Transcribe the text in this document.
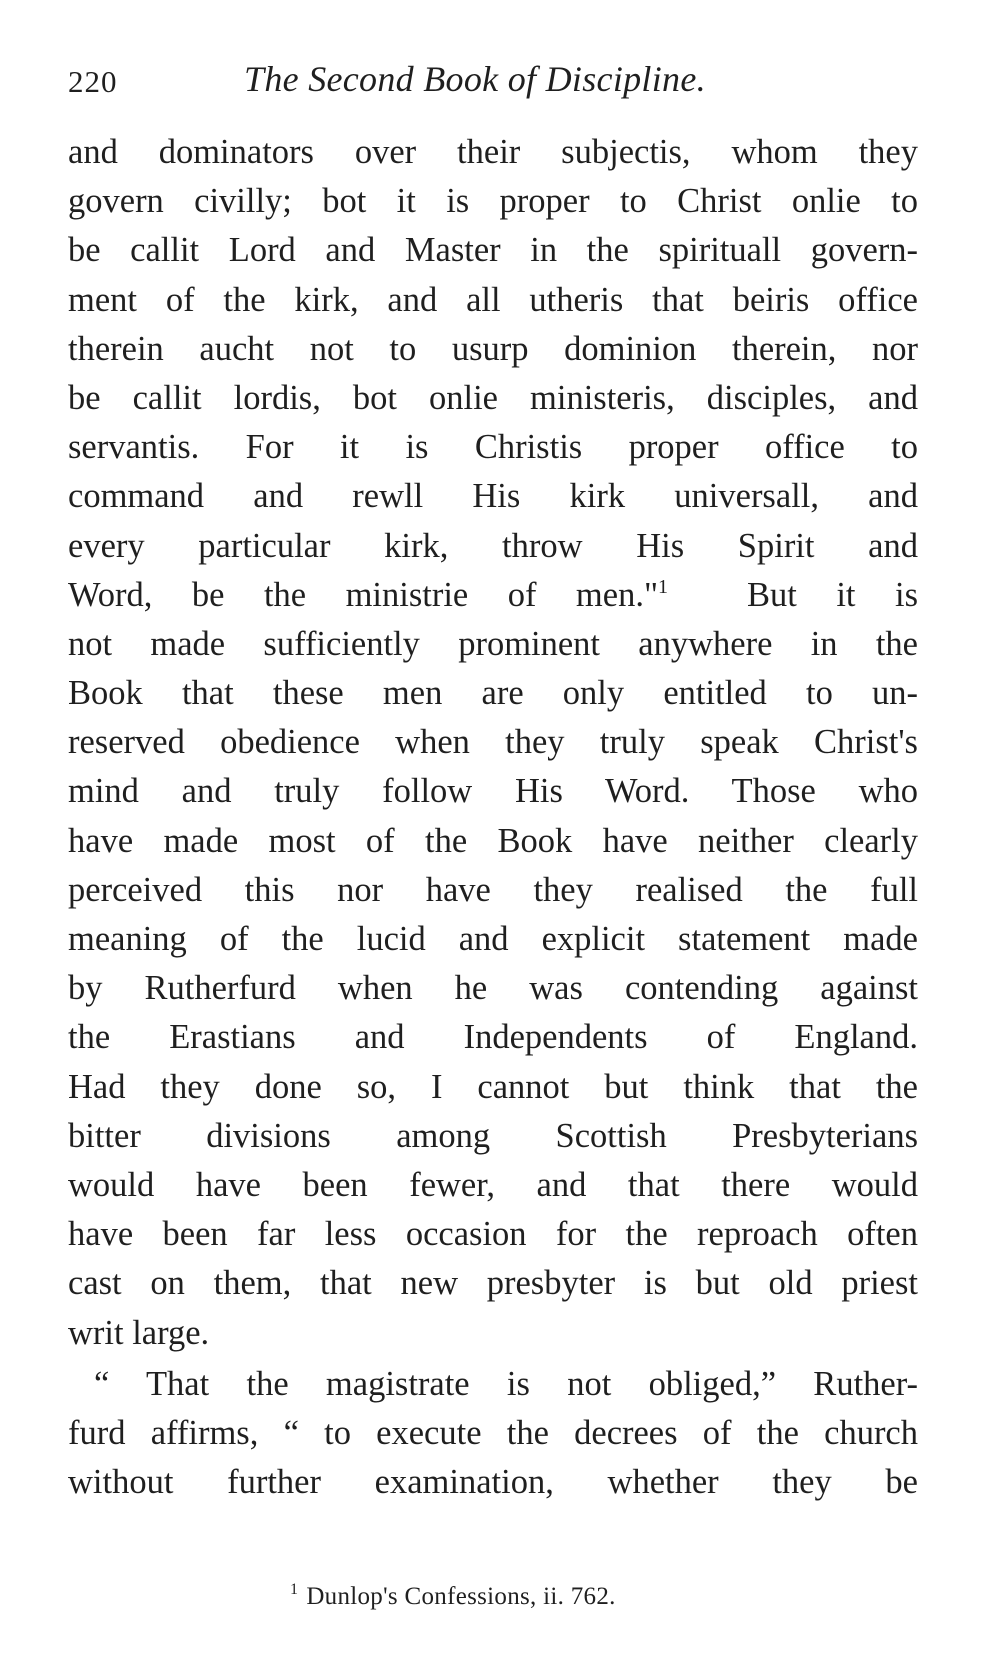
220	The Second Book of Discipline.
and dominators over their subjectis, whom they
govern civilly; bot it is proper to Christ onlie to
be callit Lord and Master in the spirituall govern-
ment of the kirk, and all utheris that beiris office
therein aucht not to usurp dominion therein, nor
be callit lordis, bot onlie ministeris, disciples, and
servantis. For it is Christis proper office to
command and rewll His kirk universall, and
every particular kirk, throw His Spirit and
Word, be the ministrie of men."$^1$  But it is
not made sufficiently prominent anywhere in the
Book that these men are only entitled to un-
reserved obedience when they truly speak Christ's
mind and truly follow His Word. Those who
have made most of the Book have neither clearly
perceived this nor have they realised the full
meaning of the lucid and explicit statement made
by Rutherfurd when he was contending against
the Erastians and Independents of England.
Had they done so, I cannot but think that the
bitter divisions among Scottish Presbyterians
would have been fewer, and that there would
have been far less occasion for the reproach often
cast on them, that new presbyter is but old priest
writ large.
“ That the magistrate is not obliged,” Ruther-
furd affirms, “ to execute the decrees of the church
without further examination, whether they be
$^1$ Dunlop's Confessions, ii. 762.
